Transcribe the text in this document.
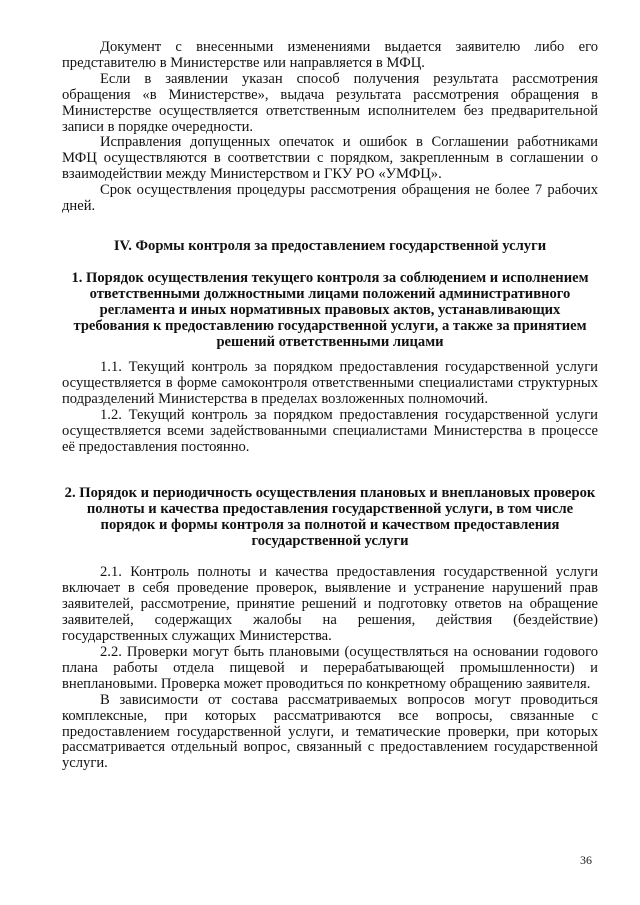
Документ с внесенными изменениями выдается заявителю либо его представителю в Министерстве или направляется в МФЦ.

Если в заявлении указан способ получения результата рассмотрения обращения «в Министерстве», выдача результата рассмотрения обращения в Министерстве осуществляется ответственным исполнителем без предварительной записи в порядке очередности.

Исправления допущенных опечаток и ошибок в Соглашении работниками МФЦ осуществляются в соответствии с порядком, закрепленным в соглашении о взаимодействии между Министерством и ГКУ РО «УМФЦ».

Срок осуществления процедуры рассмотрения обращения не более 7 рабочих дней.

IV. Формы контроля за предоставлением государственной услуги
1. Порядок осуществления текущего контроля за соблюдением и исполнением ответственными должностными лицами положений административного регламента и иных нормативных правовых актов, устанавливающих требования к предоставлению государственной услуги, а также за принятием решений ответственными лицами

1.1. Текущий контроль за порядком предоставления государственной услуги осуществляется в форме самоконтроля ответственными специалистами структурных подразделений Министерства в пределах возложенных полномочий.

1.2. Текущий контроль за порядком предоставления государственной услуги осуществляется всеми задействованными специалистами Министерства в процессе её предоставления постоянно.

2. Порядок и периодичность осуществления плановых и внеплановых проверок полноты и качества предоставления государственной услуги, в том числе порядок и формы контроля за полнотой и качеством предоставления государственной услуги

2.1. Контроль полноты и качества предоставления государственной услуги включает в себя проведение проверок, выявление и устранение нарушений прав заявителей, рассмотрение, принятие решений и подготовку ответов на обращение заявителей, содержащих жалобы на решения, действия (бездействие) государственных служащих Министерства.

2.2. Проверки могут быть плановыми (осуществляться на основании годового плана работы отдела пищевой и перерабатывающей промышленности) и внеплановыми. Проверка может проводиться по конкретному обращению заявителя.

В зависимости от состава рассматриваемых вопросов могут проводиться комплексные, при которых рассматриваются все вопросы, связанные с предоставлением государственной услуги, и тематические проверки, при которых рассматривается отдельный вопрос, связанный с предоставлением государственной услуги.

36
